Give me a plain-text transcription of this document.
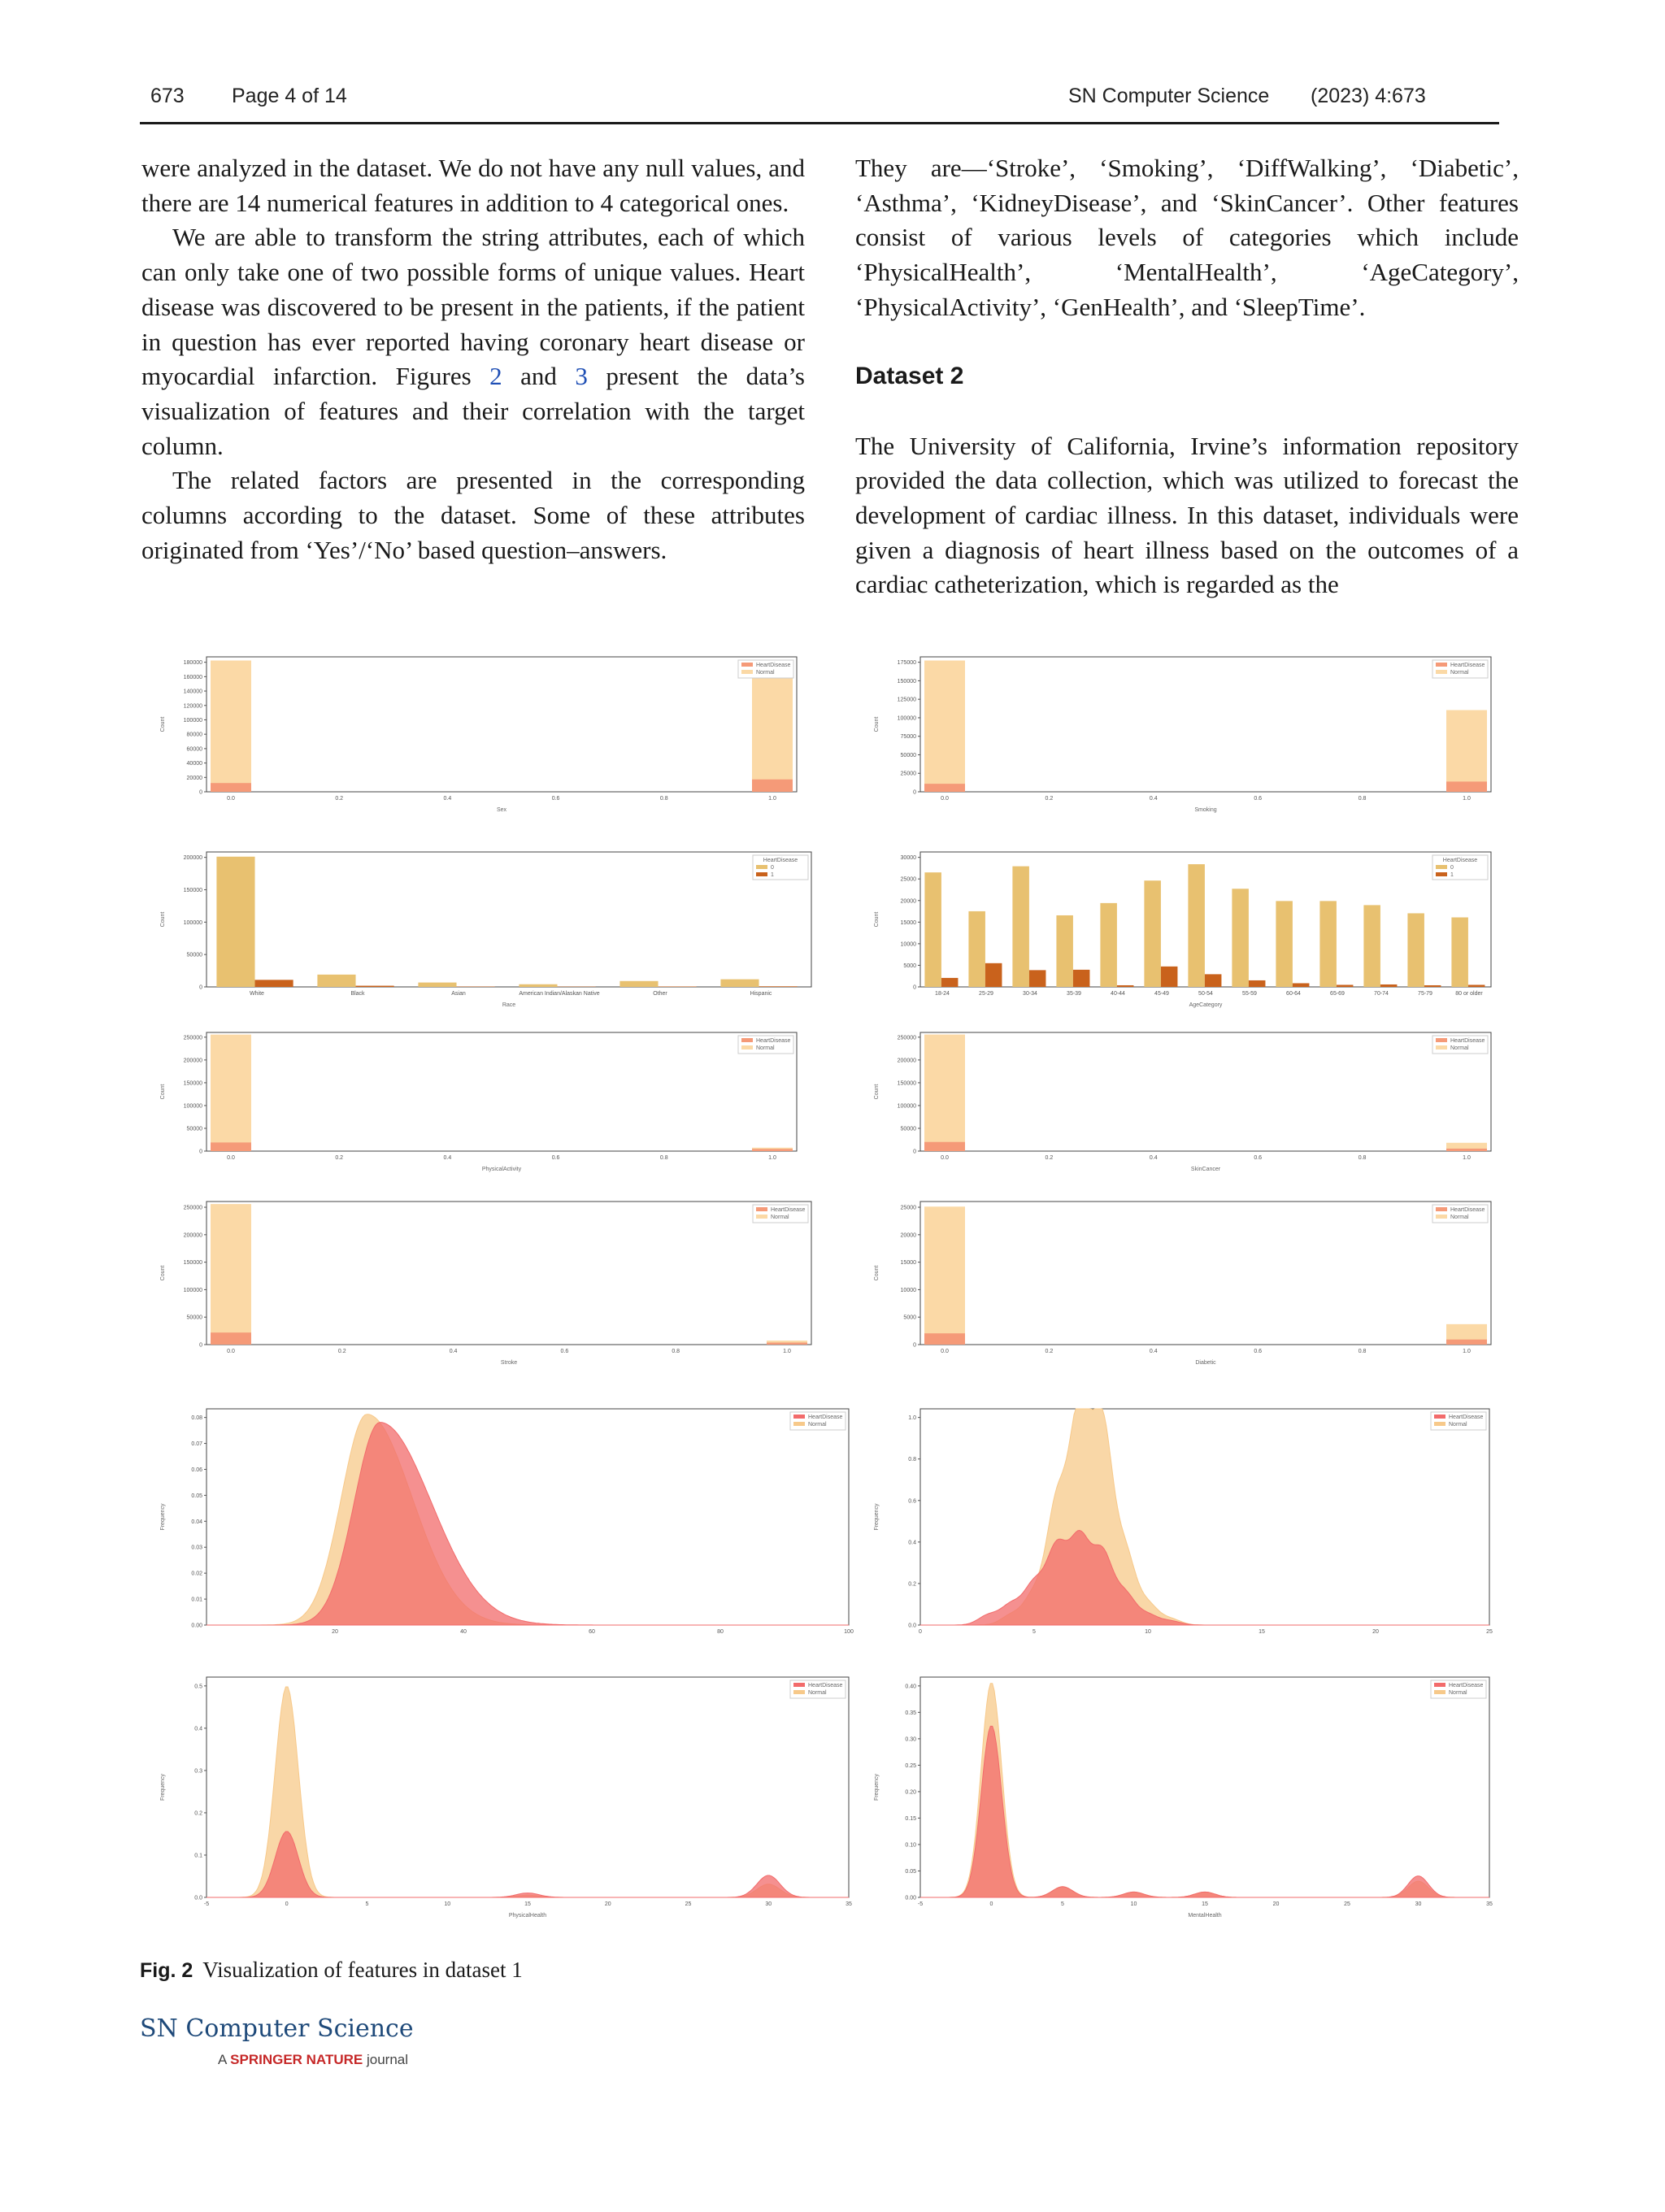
673 Page 4 of 14	SN Computer Science (2023) 4:673

were analyzed in the dataset. We do not have any null values, and there are 14 numerical features in addition to 4 categorical ones.

We are able to transform the string attributes, each of which can only take one of two possible forms of unique values. Heart disease was discovered to be present in the patients, if the patient in question has ever reported having coronary heart disease or myocardial infarction. Figures 2 and 3 present the data’s visualization of features and their correlation with the target column.

The related factors are presented in the corresponding columns according to the dataset. Some of these attributes originated from ‘Yes’/‘No’ based question–answers.

They are—‘Stroke’, ‘Smoking’, ‘DiffWalking’, ‘Diabetic’, ‘Asthma’, ‘KidneyDisease’, and ‘SkinCancer’. Other features consist of various levels of categories which include ‘PhysicalHealth’, ‘MentalHealth’, ‘AgeCategory’, ‘PhysicalActivity’, ‘GenHealth’, and ‘SleepTime’.

Dataset 2

The University of California, Irvine’s information repository provided the data collection, which was utilized to forecast the development of cardiac illness. In this dataset, individuals were given a diagnosis of heart illness based on the outcomes of a cardiac catheterization, which is regarded as the

0
20000
40000
60000
80000
100000
120000
140000
160000
180000
Count
Sex
0.0	0.2	0.4	0.6	0.8	1.0
HeartDisease
Normal
0
25000
50000
75000
100000
125000
150000
175000
Count
Smoking
0.0	0.2	0.4	0.6	0.8	1.0
HeartDisease
Normal
0
50000
100000
150000
200000
Count
Race
White	Black	Asian	American Indian/Alaskan Native	Other	Hispanic
HeartDisease
0
1
0
5000
10000
15000
20000
25000
30000
Count
AgeCategory
18-24	25-29	30-34	35-39	40-44	45-49	50-54	55-59	60-64	65-69	70-74	75-79	80 or older
HeartDisease
0
1
0
50000
100000
150000
200000
250000
Count
PhysicalActivity
0.0	0.2	0.4	0.6	0.8	1.0
HeartDisease
Normal
0
50000
100000
150000
200000
250000
Count
SkinCancer
0.0	0.2	0.4	0.6	0.8	1.0
HeartDisease
Normal
0
50000
100000
150000
200000
250000
Count
Stroke
0.0	0.2	0.4	0.6	0.8	1.0
HeartDisease
Normal
0
5000
10000
15000
20000
25000
Count
Diabetic
0.0	0.2	0.4	0.6	0.8	1.0
HeartDisease
Normal
0.00
0.01
0.02
0.03
0.04
0.05
0.06
0.07
0.08
Frequency
20	40	60	80	100
HeartDisease
Normal
0.0
0.2
0.4
0.6
0.8
1.0
Frequency
0	5	10	15	20	25
HeartDisease
Normal
0.0
0.1
0.2
0.3
0.4
0.5
Frequency
PhysicalHealth
-5	0	5	10	15	20	25	30	35
HeartDisease
Normal
0.00
0.05
0.10
0.15
0.20
0.25
0.30
0.35
0.40
Frequency
MentalHealth
-5	0	5	10	15	20	25	30	35
HeartDisease
Normal
Fig. 2 Visualization of features in dataset 1
SN Computer Science
A SPRINGER NATURE journal
